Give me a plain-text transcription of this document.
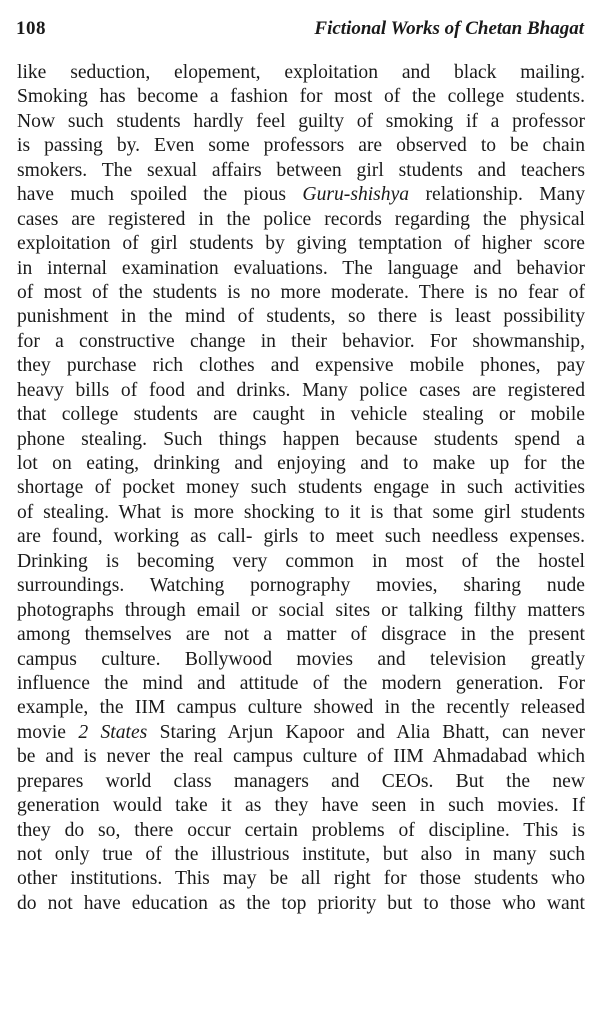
108	Fictional Works of Chetan Bhagat
like seduction, elopement, exploitation and black mailing.
Smoking has become a fashion for most of the college students.
Now such students hardly feel guilty of smoking if a professor
is passing by. Even some professors are observed to be chain
smokers. The sexual affairs between girl students and teachers
have much spoiled the pious Guru-shishya relationship. Many
cases are registered in the police records regarding the physical
exploitation of girl students by giving temptation of higher score
in internal examination evaluations. The language and behavior
of most of the students is no more moderate. There is no fear of
punishment in the mind of students, so there is least possibility
for a constructive change in their behavior. For showmanship,
they purchase rich clothes and expensive mobile phones, pay
heavy bills of food and drinks. Many police cases are registered
that college students are caught in vehicle stealing or mobile
phone stealing. Such things happen because students spend a
lot on eating, drinking and enjoying and to make up for the
shortage of pocket money such students engage in such activities
of stealing. What is more shocking to it is that some girl students
are found, working as call- girls to meet such needless expenses.
Drinking is becoming very common in most of the hostel
surroundings. Watching pornography movies, sharing nude
photographs through email or social sites or talking filthy matters
among themselves are not a matter of disgrace in the present
campus culture. Bollywood movies and television greatly
influence the mind and attitude of the modern generation. For
example, the IIM campus culture showed in the recently released
movie 2 States Staring Arjun Kapoor and Alia Bhatt, can never
be and is never the real campus culture of IIM Ahmadabad which
prepares world class managers and CEOs. But the new
generation would take it as they have seen in such movies. If
they do so, there occur certain problems of discipline. This is
not only true of the illustrious institute, but also in many such
other institutions. This may be all right for those students who
do not have education as the top priority but to those who want
